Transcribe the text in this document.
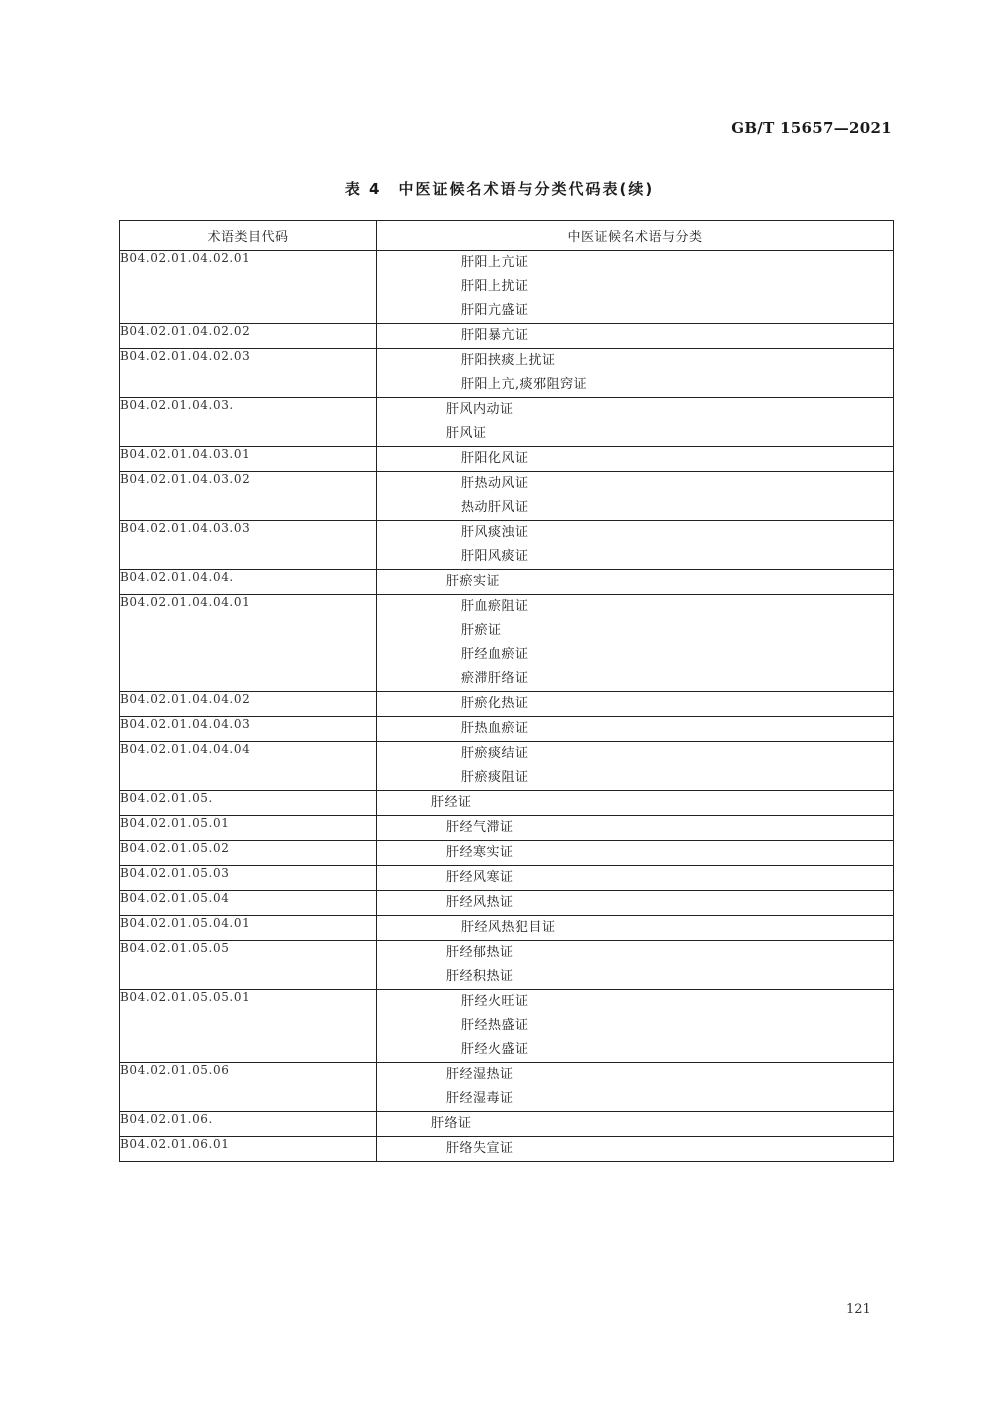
GB/T 15657—2021
表 4　中医证候名术语与分类代码表(续)
术语类目代码	中医证候名术语与分类
B04.02.01.04.02.01	肝阳上亢证
肝阳上扰证
肝阳亢盛证

B04.02.01.04.02.02	肝阳暴亢证

B04.02.01.04.02.03	肝阳挟痰上扰证
肝阳上亢,痰邪阻窍证

B04.02.01.04.03.	肝风内动证
肝风证

B04.02.01.04.03.01	肝阳化风证

B04.02.01.04.03.02	肝热动风证
热动肝风证

B04.02.01.04.03.03	肝风痰浊证
肝阳风痰证

B04.02.01.04.04.	肝瘀实证

B04.02.01.04.04.01	肝血瘀阻证
肝瘀证
肝经血瘀证
瘀滞肝络证

B04.02.01.04.04.02	肝瘀化热证

B04.02.01.04.04.03	肝热血瘀证

B04.02.01.04.04.04	肝瘀痰结证
肝瘀痰阻证

B04.02.01.05.	肝经证

B04.02.01.05.01	肝经气滞证

B04.02.01.05.02	肝经寒实证

B04.02.01.05.03	肝经风寒证

B04.02.01.05.04	肝经风热证

B04.02.01.05.04.01	肝经风热犯目证

B04.02.01.05.05	肝经郁热证
肝经积热证

B04.02.01.05.05.01	肝经火旺证
肝经热盛证
肝经火盛证

B04.02.01.05.06	肝经湿热证
肝经湿毒证

B04.02.01.06.	肝络证

B04.02.01.06.01	肝络失宣证
121
